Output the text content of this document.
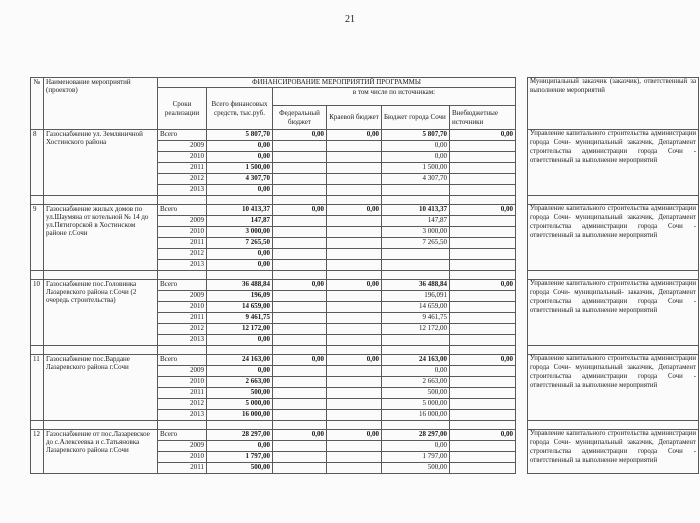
21
№	Наименование мероприятий (проектов)	ФИНАНСИРОВАНИЕ МЕРОПРИЯТИЙ ПРОГРАММЫ							Муниципальный заказчик (заказчик), ответственный за выполнение мероприятий
		Сроки реализации	Всего финансовых средств, тыс.руб.	в том числе по источникам:					
				Федеральный бюджет	Краевой бюджет	Бюджет города Сочи	Внебюджетные источники		
8	Газоснабжение ул. Земляничной Хостинского района	Всего	5 807,70	0,00	0,00	5 807,70	0,00		Управление капитального строительства администрации города Сочи- муниципальный заказчик, Департамент строительства администрации города Сочи - ответственный за выполнение мероприятий
		2009	0,00			0,00			
		2010	0,00			0,00			
		2011	1 500,00			1 500,00			
		2012	4 307,70			4 307,70			
		2013	0,00						

9	Газоснабжение жилых домов по ул.Шаумяна от котельной № 14 до ул.Пятигорской в Хостинском районе г.Сочи	Всего	10 413,37	0,00	0,00	10 413,37	0,00		Управление капитального строительства администрации города Сочи- муниципальный заказчик, Департамент строительства администрации города Сочи - ответственный за выполнение мероприятий
		2009	147,87			147,87			
		2010	3 000,00			3 000,00			
		2011	7 265,50			7 265,50			
		2012	0,00						
		2013	0,00						

10	Газоснабжение пос.Головинка Лазаревского района г.Сочи (2 очередь строительства)	Всего	36 488,84	0,00	0,00	36 488,84	0,00		Управление капитального строительства администрации города Сочи- муниципальный- заказчик, Департамент строительства администрации города Сочи - ответственный за выполнение мероприятий
		2009	196,09			196,091			
		2010	14 659,00			14 659,00			
		2011	9 461,75			9 461,75			
		2012	12 172,00			12 172,00			
		2013	0,00						

11	Газоснабжение пос.Вардане Лазаревского района г.Сочи	Всего	24 163,00	0,00	0,00	24 163,00	0,00		Управление капитального строительства администрации города Сочи- муниципальный заказчик, Департамент строительства администрации города Сочи - ответственный за выполнение мероприятий
		2009	0,00			0,00			
		2010	2 663,00			2 663,00			
		2011	500,00			500,00			
		2012	5 000,00			5 000,00			
		2013	16 000,00			16 000,00			

12	Газоснабжение от пос.Лазаревское до с.Алексеевка и с.Татьяновка Лазаревского района г.Сочи	Всего	28 297,00	0,00	0,00	28 297,00	0,00		Управление капитального строительства администрации города Сочи- муниципальный заказчик, Департамент строительства администрации города Сочи - ответственный за выполнение мероприятий
		2009	0,00			0,00			
		2010	1 797,00			1 797,00			
		2011	500,00			500,00			
